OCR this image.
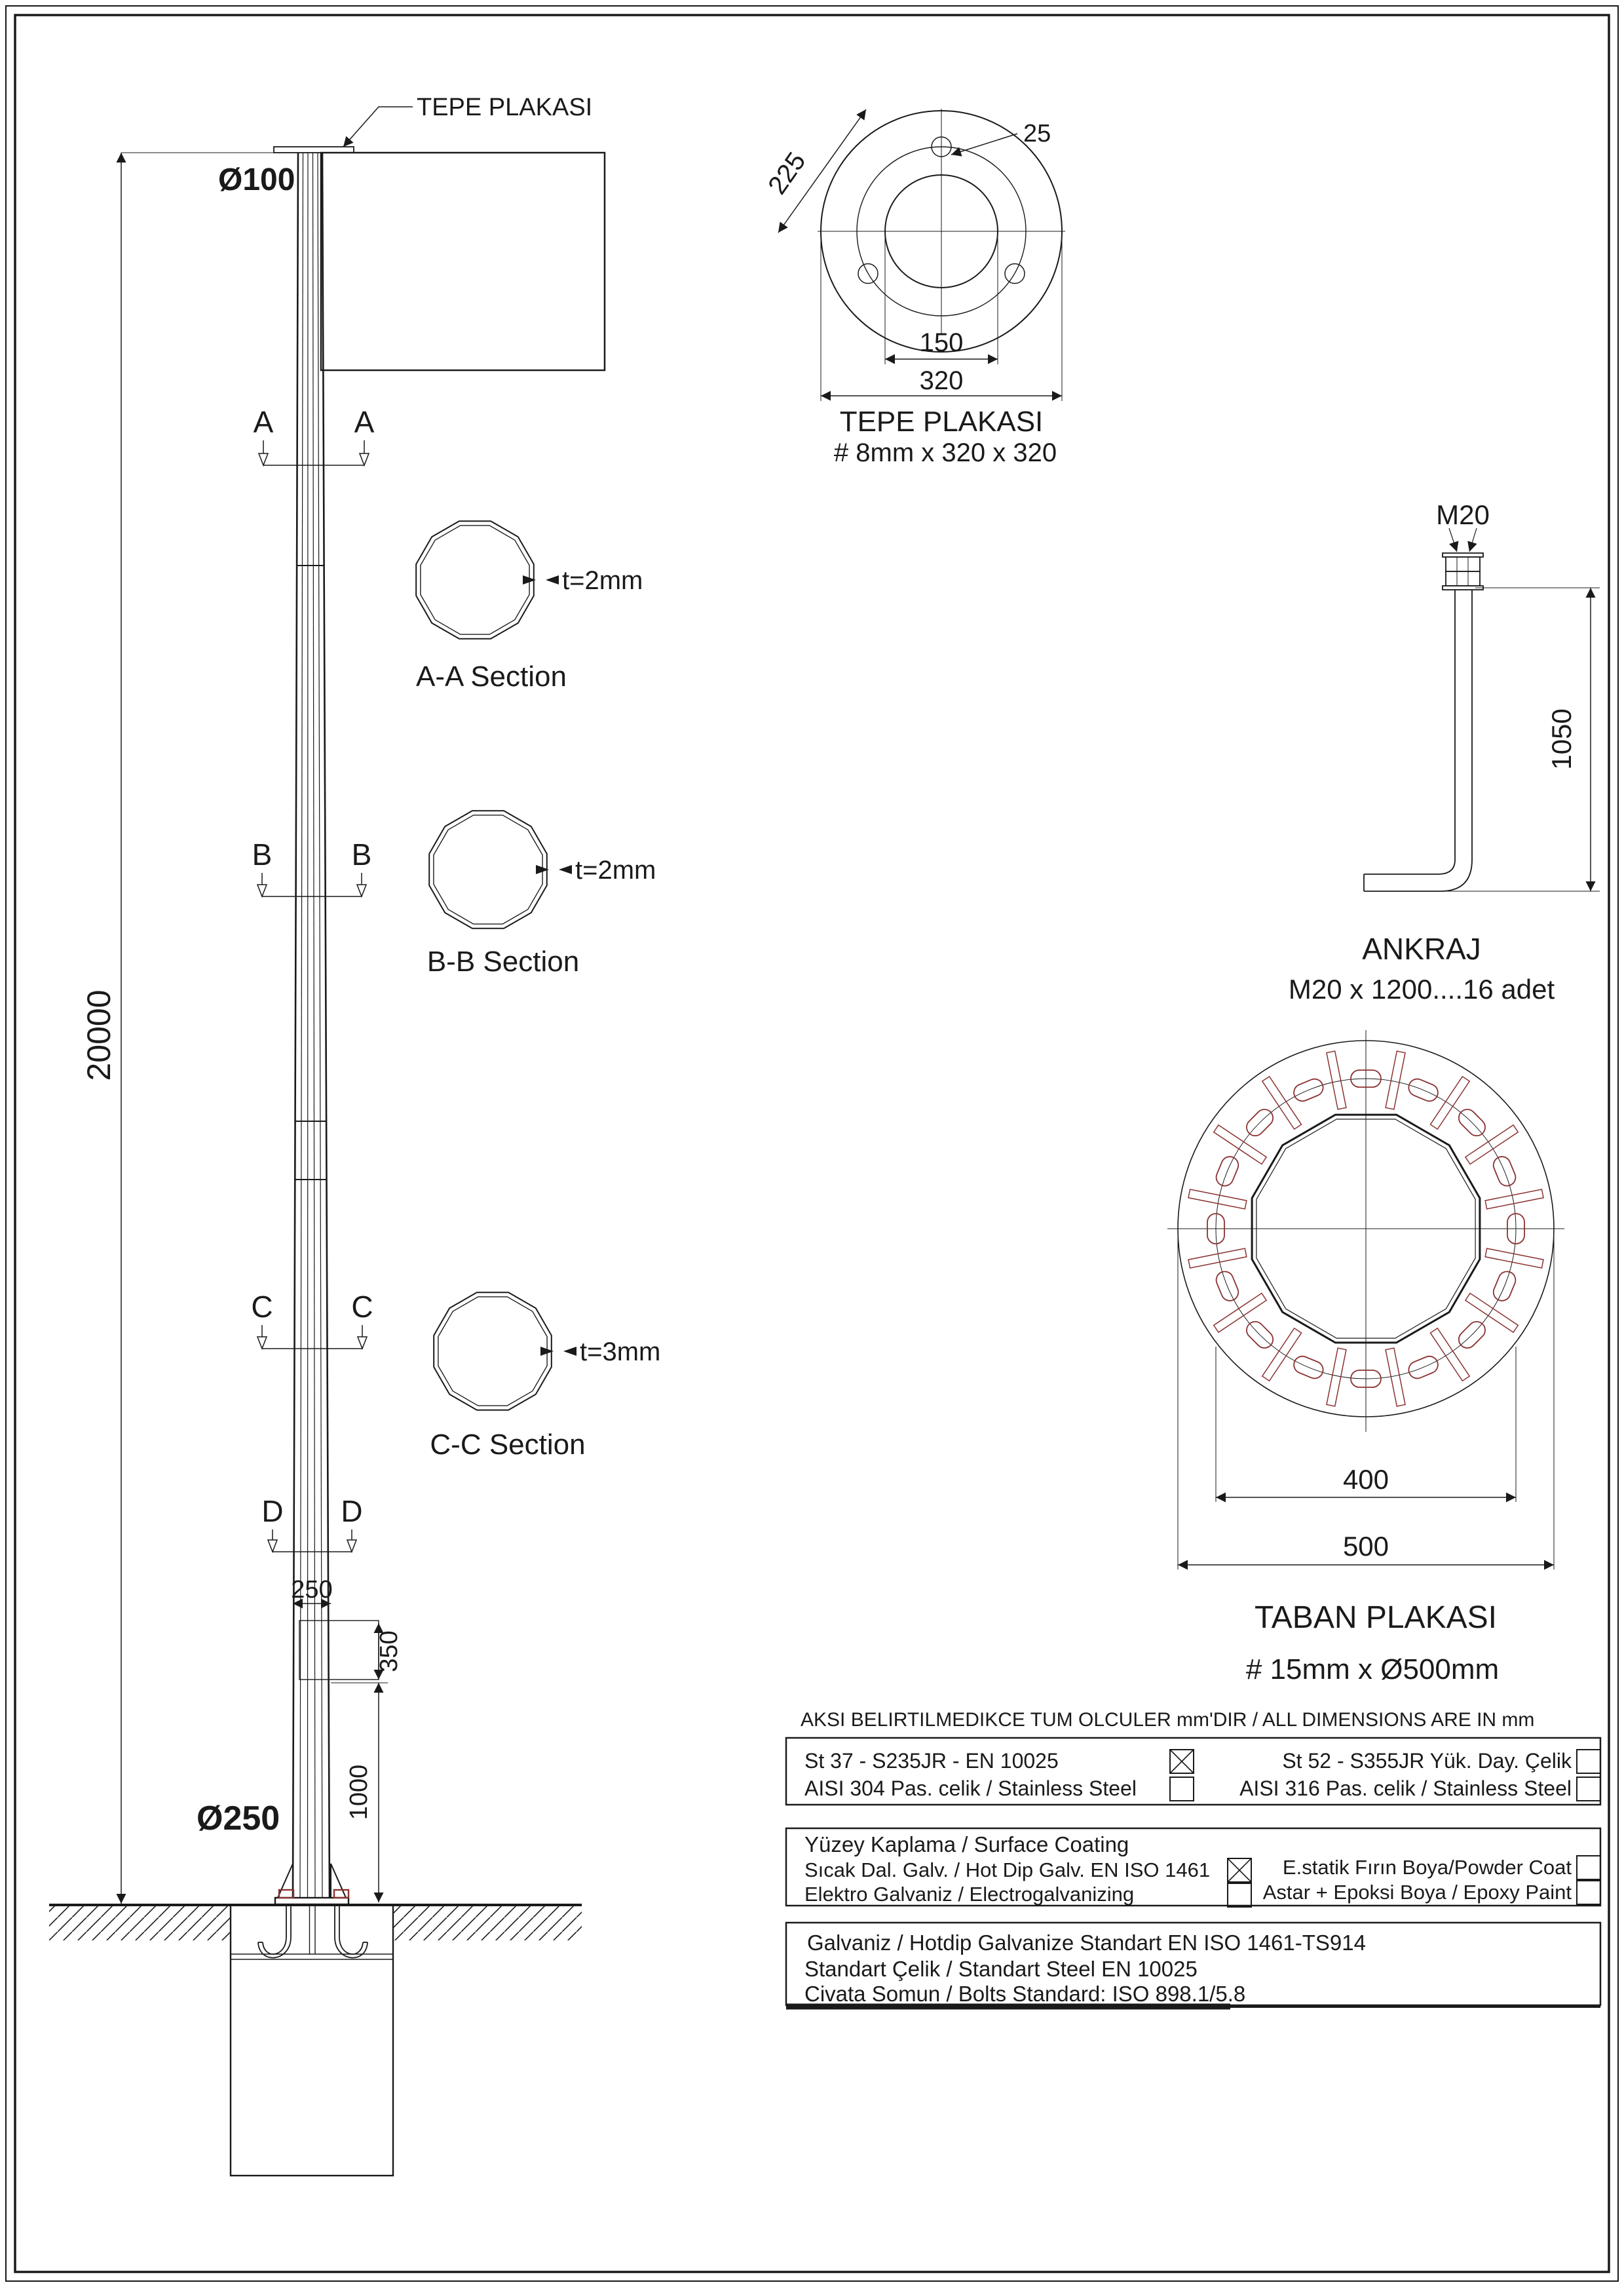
TEPE PLAKASI
Ø100
A	A
B	B
C	C
D D
20000
250
350
1000
Ø250
t=2mm
A-A Section
t=2mm
B-B Section
t=3mm
C-C Section
25
225
150
320
TEPE PLAKASI
# 8mm x 320 x 320
M20
1050
ANKRAJ
M20 x 1200....16 adet
400
500
TABAN PLAKASI
# 15mm x Ø500mm
AKSI BELIRTILMEDIKCE TUM OLCULER mm'DIR / ALL DIMENSIONS ARE IN mm
St 37 - S235JR - EN 10025	St 52 - S355JR Yük. Day. Çelik
AISI 304 Pas. celik / Stainless Steel	AISI 316 Pas. celik / Stainless Steel
Yüzey Kaplama / Surface Coating
Sıcak Dal. Galv. / Hot Dip Galv. EN ISO 1461	E.statik Fırın Boya/Powder Coat
Elektro Galvaniz / Electrogalvanizing	Astar + Epoksi Boya / Epoxy Paint
Galvaniz / Hotdip Galvanize Standart EN ISO 1461-TS914
Standart Çelik / Standart Steel EN 10025
Civata Somun / Bolts Standard: ISO 898.1/5.8
